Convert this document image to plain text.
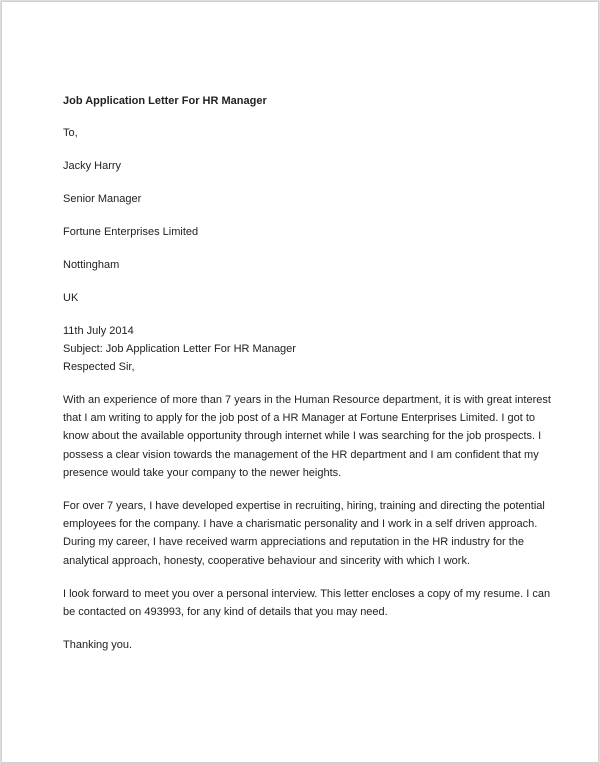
Job Application Letter For HR Manager

To,

Jacky Harry

Senior Manager

Fortune Enterprises Limited

Nottingham

UK

11th July 2014

Subject: Job Application Letter For HR Manager

Respected Sir,

With an experience of more than 7 years in the Human Resource department, it is with great interest that I am writing to apply for the job post of a HR Manager at Fortune Enterprises Limited. I got to know about the available opportunity through internet while I was searching for the job prospects. I possess a clear vision towards the management of the HR department and I am confident that my presence would take your company to the newer heights.

For over 7 years, I have developed expertise in recruiting, hiring, training and directing the potential employees for the company. I have a charismatic personality and I work in a self driven approach. During my career, I have received warm appreciations and reputation in the HR industry for the analytical approach, honesty, cooperative behaviour and sincerity with which I work.

I look forward to meet you over a personal interview. This letter encloses a copy of my resume. I can be contacted on 493993, for any kind of details that you may need.

Thanking you.
